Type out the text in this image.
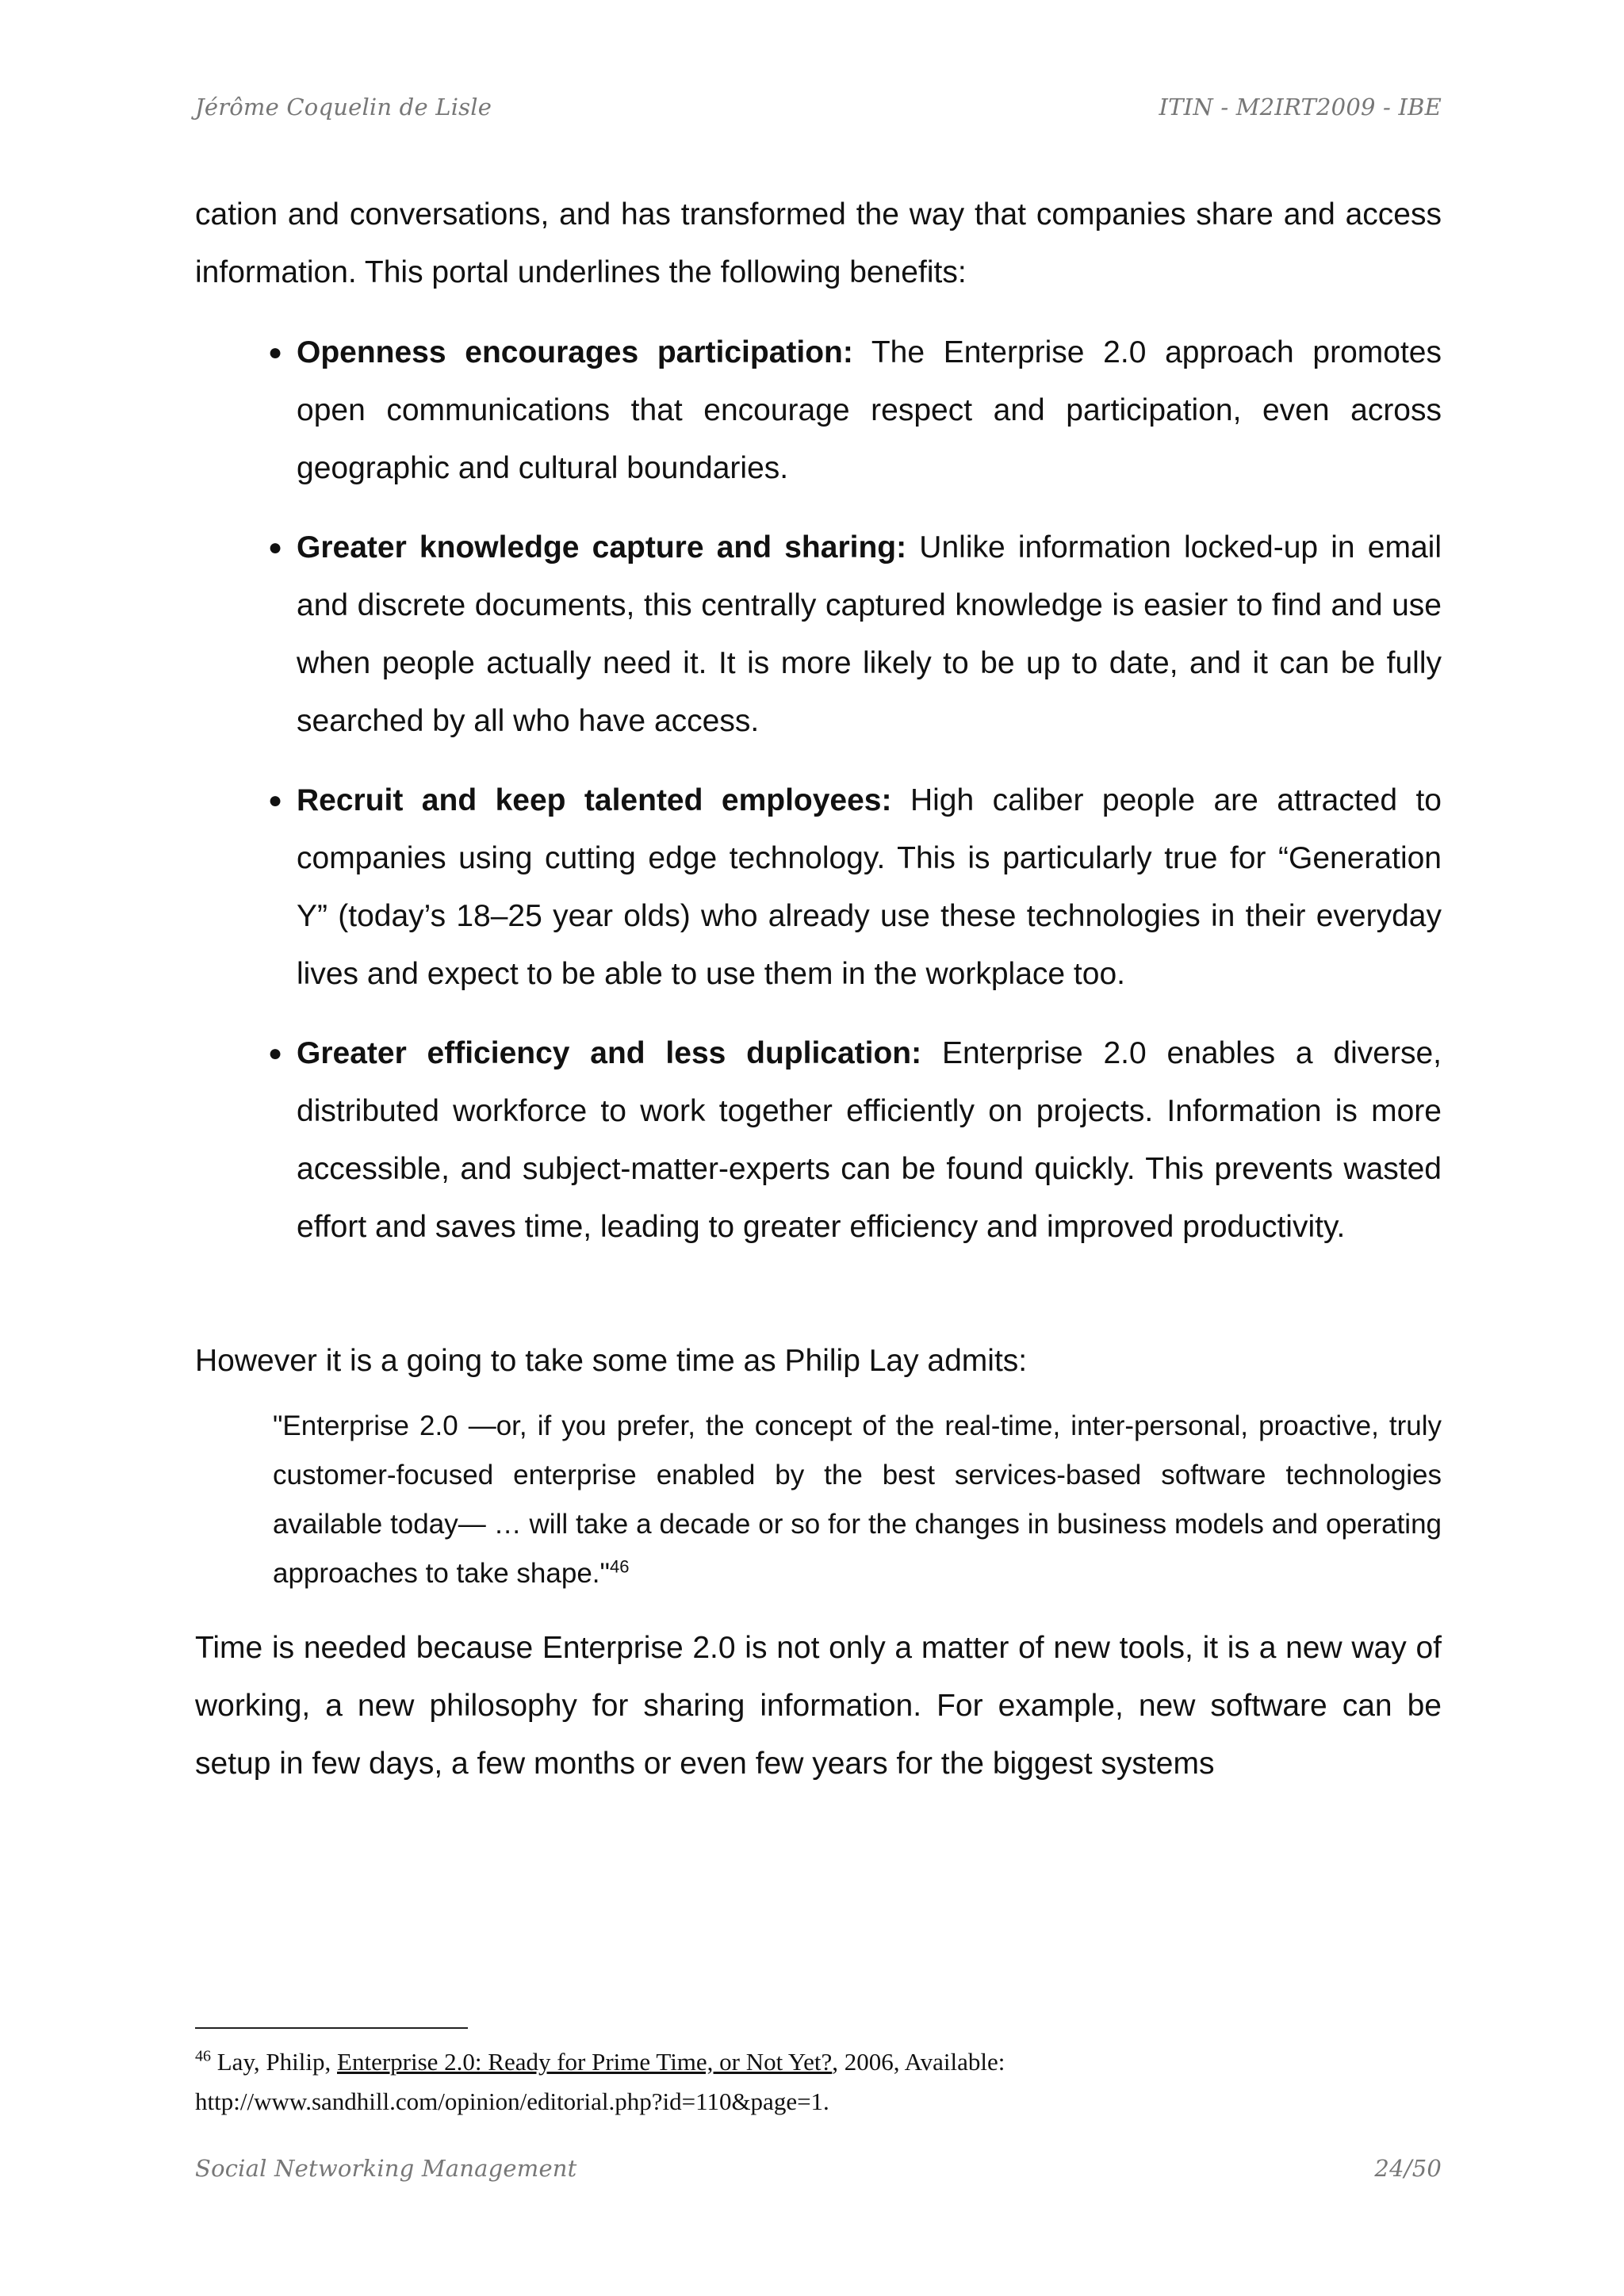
Jérôme Coquelin de Lisle	ITIN - M2IRT2009 - IBE

cation and conversations, and has transformed the way that companies share and access information. This portal underlines the following benefits:

● Openness encourages participation: The Enterprise 2.0 approach promotes open communications that encourage respect and participation, even across geographic and cultural boundaries.
● Greater knowledge capture and sharing: Unlike information locked-up in email and discrete documents, this centrally captured knowledge is easier to find and use when people actually need it. It is more likely to be up to date, and it can be fully searched by all who have access.
● Recruit and keep talented employees: High caliber people are attracted to companies using cutting edge technology. This is particularly true for “Generation Y” (today’s 18–25 year olds) who already use these technologies in their everyday lives and expect to be able to use them in the workplace too.
● Greater efficiency and less duplication: Enterprise 2.0 enables a diverse, distributed workforce to work together efficiently on projects. Information is more accessible, and subject-matter-experts can be found quickly. This prevents wasted effort and saves time, leading to greater efficiency and improved productivity.

However it is a going to take some time as Philip Lay admits:

"Enterprise 2.0 —or, if you prefer, the concept of the real-time, inter-personal, proactive, truly customer-focused enterprise enabled by the best services-based software technologies available today— … will take a decade or so for the changes in business models and operating approaches to take shape."$^{46}$

Time is needed because Enterprise 2.0 is not only a matter of new tools, it is a new way of working, a new philosophy for sharing information. For example, new software can be setup in few days, a few months or even few years for the biggest systems

$^{46}$ Lay, Philip, Enterprise 2.0: Ready for Prime Time, or Not Yet?, 2006, Available: http://www.sandhill.com/opinion/editorial.php?id=110&page=1.
Social Networking Management	24/50
